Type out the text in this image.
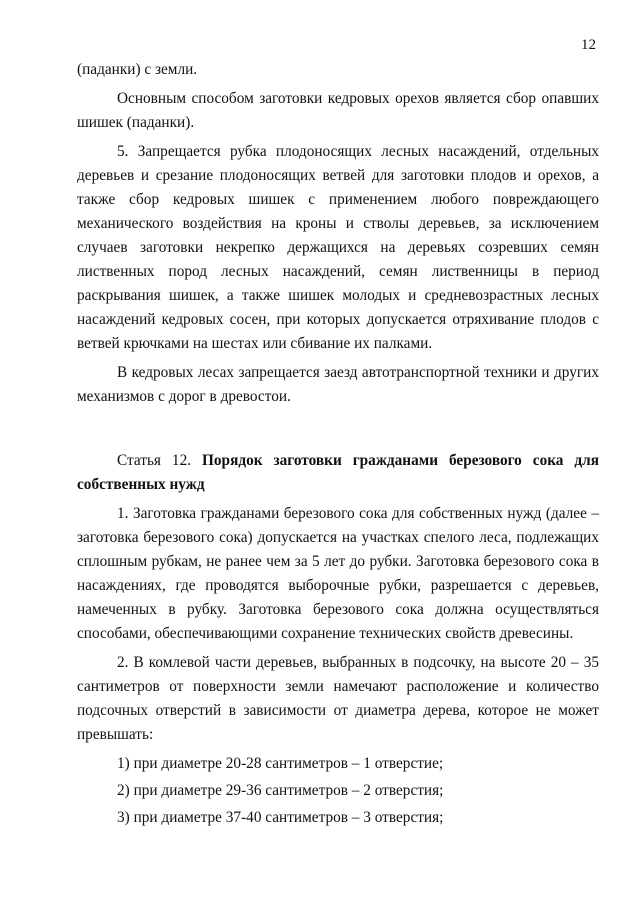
12

(паданки) с земли.

Основным способом заготовки кедровых орехов является сбор опавших шишек (паданки).

5. Запрещается рубка плодоносящих лесных насаждений, отдельных деревьев и срезание плодоносящих ветвей для заготовки плодов и орехов, а также сбор кедровых шишек с применением любого повреждающего механического воздействия на кроны и стволы деревьев, за исключением случаев заготовки некрепко держащихся на деревьях созревших семян лиственных пород лесных насаждений, семян лиственницы в период раскрывания шишек, а также шишек молодых и средневозрастных лесных насаждений кедровых сосен, при которых допускается отряхивание плодов с ветвей крючками на шестах или сбивание их палками.

В кедровых лесах запрещается заезд автотранспортной техники и других механизмов с дорог в древостои.

Статья 12. Порядок заготовки гражданами березового сока для собственных нужд

1. Заготовка гражданами березового сока для собственных нужд (далее – заготовка березового сока) допускается на участках спелого леса, подлежащих сплошным рубкам, не ранее чем за 5 лет до рубки. Заготовка березового сока в насаждениях, где проводятся выборочные рубки, разрешается с деревьев, намеченных в рубку. Заготовка березового сока должна осуществляться способами, обеспечивающими сохранение технических свойств древесины.

2. В комлевой части деревьев, выбранных в подсочку, на высоте 20 – 35 сантиметров от поверхности земли намечают расположение и количество подсочных отверстий в зависимости от диаметра дерева, которое не может превышать:

1) при диаметре 20-28 сантиметров – 1 отверстие;

2) при диаметре 29-36 сантиметров – 2 отверстия;

3) при диаметре 37-40 сантиметров – 3 отверстия;
